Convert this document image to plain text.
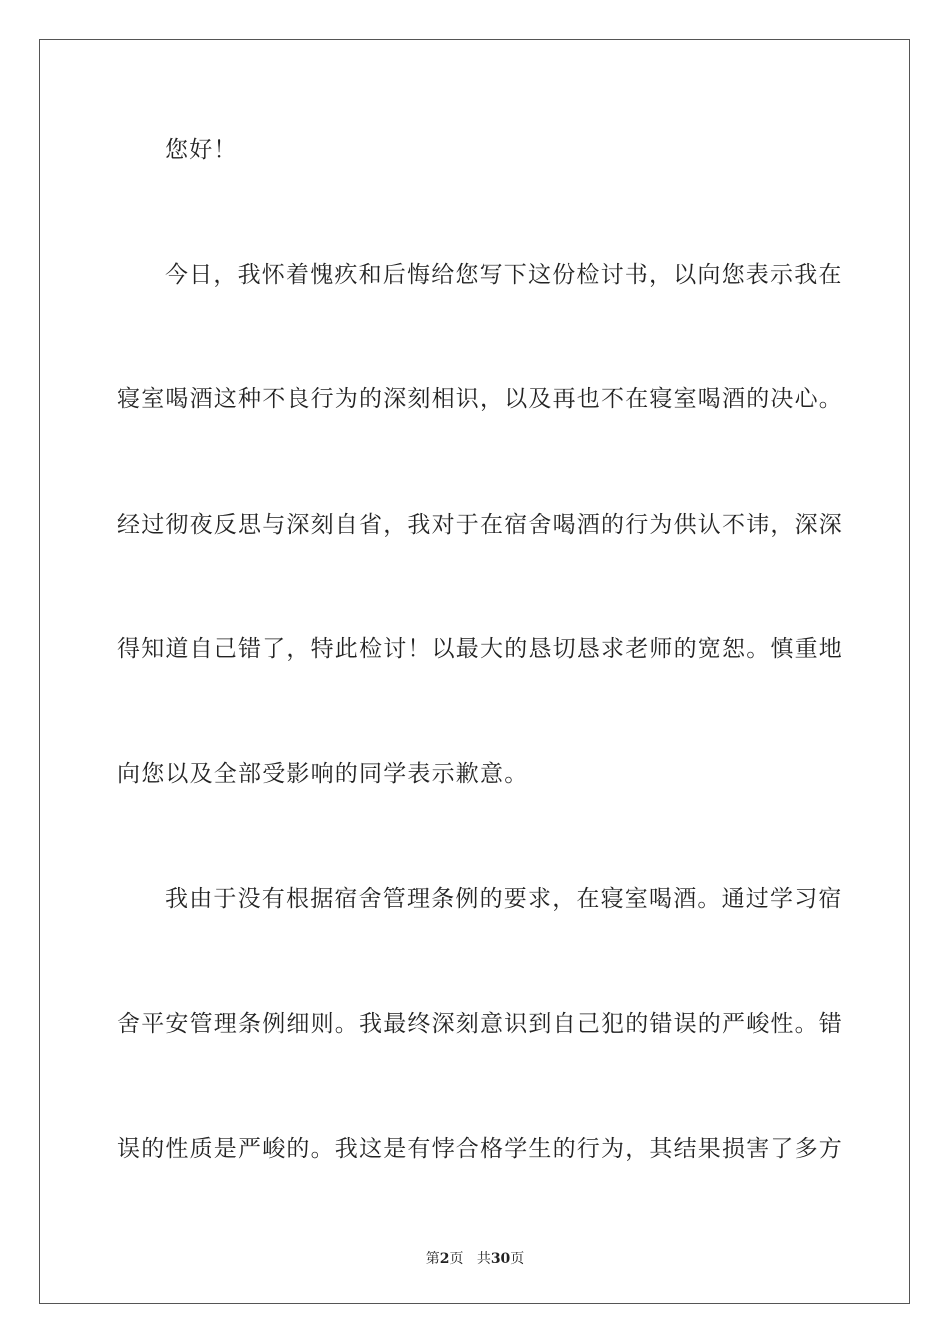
您好！
今日，我怀着愧疚和后悔给您写下这份检讨书，以向您表示我在
寝室喝酒这种不良行为的深刻相识，以及再也不在寝室喝酒的决心。
经过彻夜反思与深刻自省，我对于在宿舍喝酒的行为供认不讳，深深
得知道自己错了，特此检讨！以最大的恳切恳求老师的宽恕。慎重地
向您以及全部受影响的同学表示歉意。
我由于没有根据宿舍管理条例的要求，在寝室喝酒。通过学习宿
舍平安管理条例细则。我最终深刻意识到自己犯的错误的严峻性。错
误的性质是严峻的。我这是有悖合格学生的行为，其结果损害了多方
第2页 共30页
